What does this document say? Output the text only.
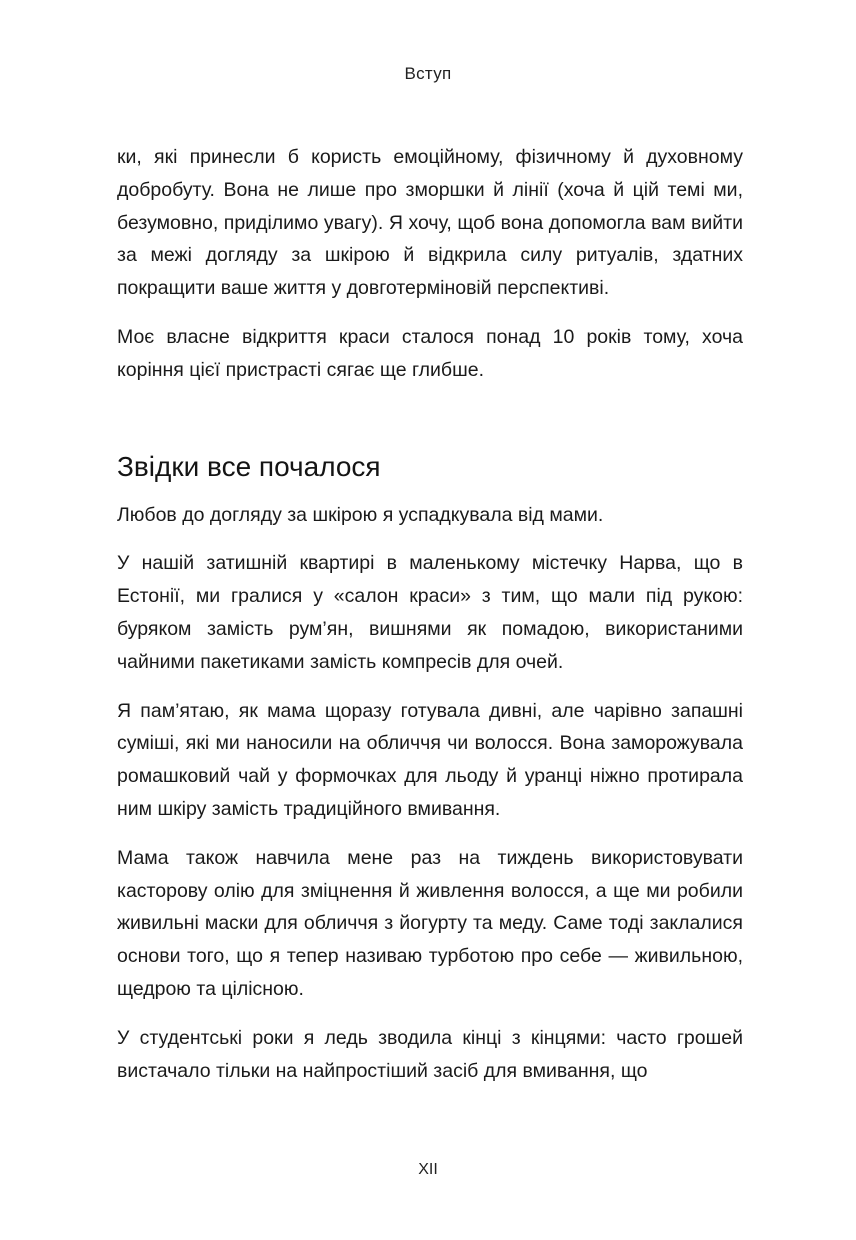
Вступ

ки, які принесли б користь емоційному, фізичному й духовному добробуту. Вона не лише про зморшки й лінії (хоча й цій темі ми, безумовно, приділимо увагу). Я хочу, щоб вона допомогла вам вийти за межі догляду за шкірою й відкрила силу ритуалів, здатних покращити ваше життя у довготерміновій перспективі.

Моє власне відкриття краси сталося понад 10 років тому, хоча коріння цієї пристрасті сягає ще глибше.

Звідки все почалося

Любов до догляду за шкірою я успадкувала від мами.

У нашій затишній квартирі в маленькому містечку Нарва, що в Естонії, ми гралися у «салон краси» з тим, що мали під рукою: буряком замість рум’ян, вишнями як помадою, використаними чайними пакетиками замість компресів для очей.

Я пам’ятаю, як мама щоразу готувала дивні, але чарівно запашні суміші, які ми наносили на обличчя чи волосся. Вона заморожувала ромашковий чай у формочках для льоду й уранці ніжно протирала ним шкіру замість традиційного вмивання.

Мама також навчила мене раз на тиждень використовувати касторову олію для зміцнення й живлення волосся, а ще ми робили живильні маски для обличчя з йогурту та меду. Саме тоді заклалися основи того, що я тепер називаю турботою про себе — живильною, щедрою та цілісною.

У студентські роки я ледь зводила кінці з кінцями: часто грошей вистачало тільки на найпростіший засіб для вмивання, що

XII
